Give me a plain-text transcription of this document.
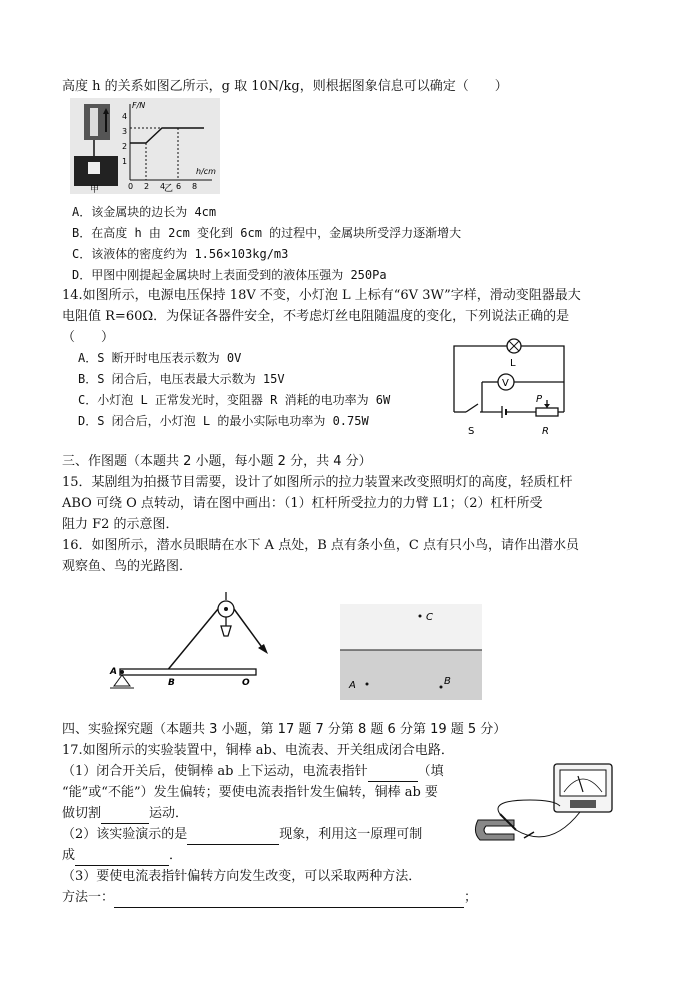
高度 h 的关系如图乙所示，g 取 10N/kg，则根据图象信息可以确定（　　）
甲
F/N
h/cm
0 2 4 6 8
1
2
3
4
乙
A．该金属块的边长为 4cm
B．在高度 h 由 2cm 变化到 6cm 的过程中，金属块所受浮力逐渐增大
C．该液体的密度约为 1.56×103kg/m3
D．甲图中刚提起金属块时上表面受到的液体压强为 250Pa
14.如图所示，电源电压保持 18V 不变，小灯泡 L 上标有“6V 3W”字样，滑动变阻器最大
电阻值 R=60Ω．为保证各器件安全，不考虑灯丝电阻随温度的变化，下列说法正确的是
（　　）
A．S 断开时电压表示数为 0V
B．S 闭合后，电压表最大示数为 15V
C．小灯泡 L 正常发光时，变阻器 R 消耗的电功率为 6W
D．S 闭合后，小灯泡 L 的最小实际电功率为 0.75W
L
V
P
S	R
三、作图题（本题共 2 小题，每小题 2 分，共 4 分）
15．某剧组为拍摄节目需要，设计了如图所示的拉力装置来改变照明灯的高度，轻质杠杆
ABO 可绕 O 点转动，请在图中画出：（1）杠杆所受拉力的力臂 L1；（2）杠杆所受
阻力 F2 的示意图．
16．如图所示，潜水员眼睛在水下 A 点处，B 点有条小鱼，C 点有只小鸟，请作出潜水员
观察鱼、鸟的光路图．
A
B	O
C
A	B
四、实验探究题（本题共 3 小题，第 17 题 7 分第 8 题 6 分第 19 题 5 分）
17.如图所示的实验装置中，铜棒 ab、电流表、开关组成闭合电路．
（1）闭合开关后，使铜棒 ab 上下运动，电流表指针	（填
“能”或“不能”）发生偏转；要使电流表指针发生偏转，铜棒 ab 要
做切割	运动．
（2）该实验演示的是	现象，利用这一原理可制
成	．
（3）要使电流表指针偏转方向发生改变，可以采取两种方法．
方法一：	；
